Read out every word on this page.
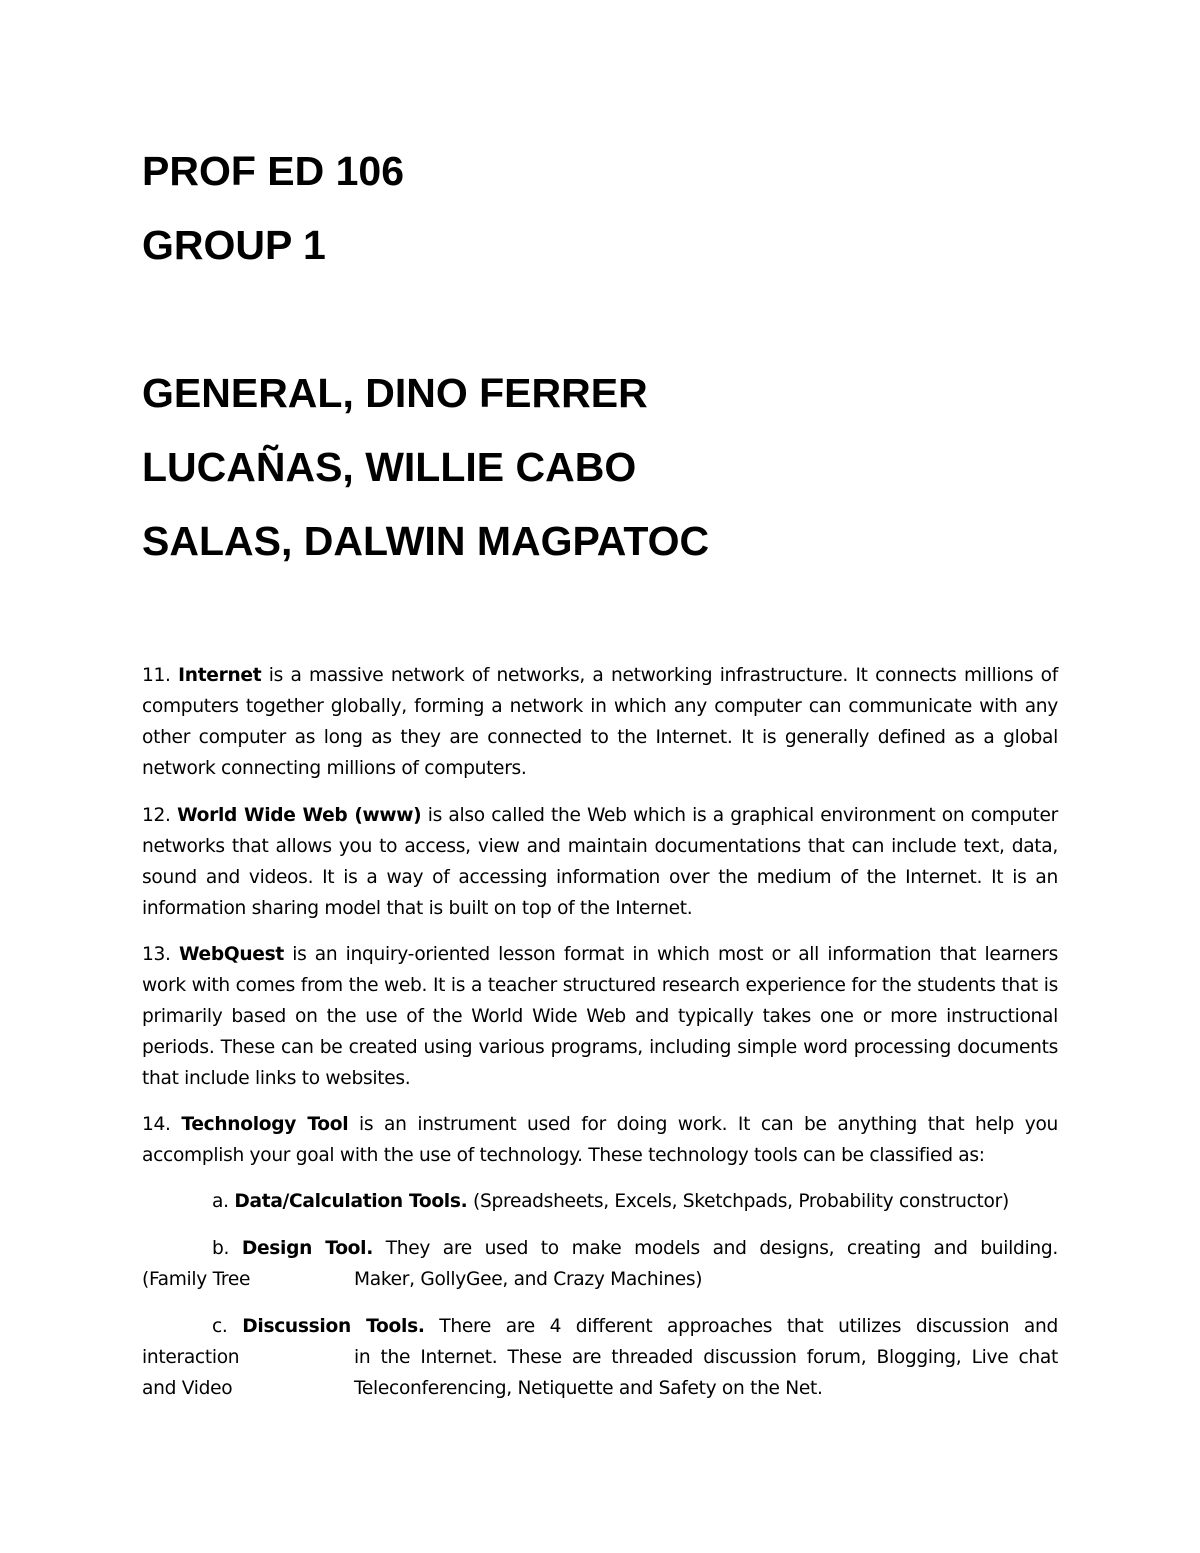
PROF ED 106
GROUP 1
GENERAL, DINO FERRER
LUCAÑAS, WILLIE CABO
SALAS, DALWIN MAGPATOC

11. Internet is a massive network of networks, a networking infrastructure. It connects millions of computers together globally, forming a network in which any computer can communicate with any other computer as long as they are connected to the Internet. It is generally defined as a global network connecting millions of computers.

12. World Wide Web (www) is also called the Web which is a graphical environment on computer networks that allows you to access, view and maintain documentations that can include text, data, sound and videos. It is a way of accessing information over the medium of the Internet. It is an information sharing model that is built on top of the Internet.

13. WebQuest is an inquiry-oriented lesson format in which most or all information that learners work with comes from the web. It is a teacher structured research experience for the students that is primarily based on the use of the World Wide Web and typically takes one or more instructional periods. These can be created using various programs, including simple word processing documents that include links to websites.

14. Technology Tool is an instrument used for doing work. It can be anything that help you accomplish your goal with the use of technology. These technology tools can be classified as:

a. Data/Calculation Tools. (Spreadsheets, Excels, Sketchpads, Probability constructor)

b. Design Tool. They are used to make models and designs, creating and building.
(Family Tree	Maker, GollyGee, and Crazy Machines)
c. Discussion Tools. There are 4 different approaches that utilizes discussion and
interaction	in the Internet. These are threaded discussion forum, Blogging, Live chat
and Video	Teleconferencing, Netiquette and Safety on the Net.
